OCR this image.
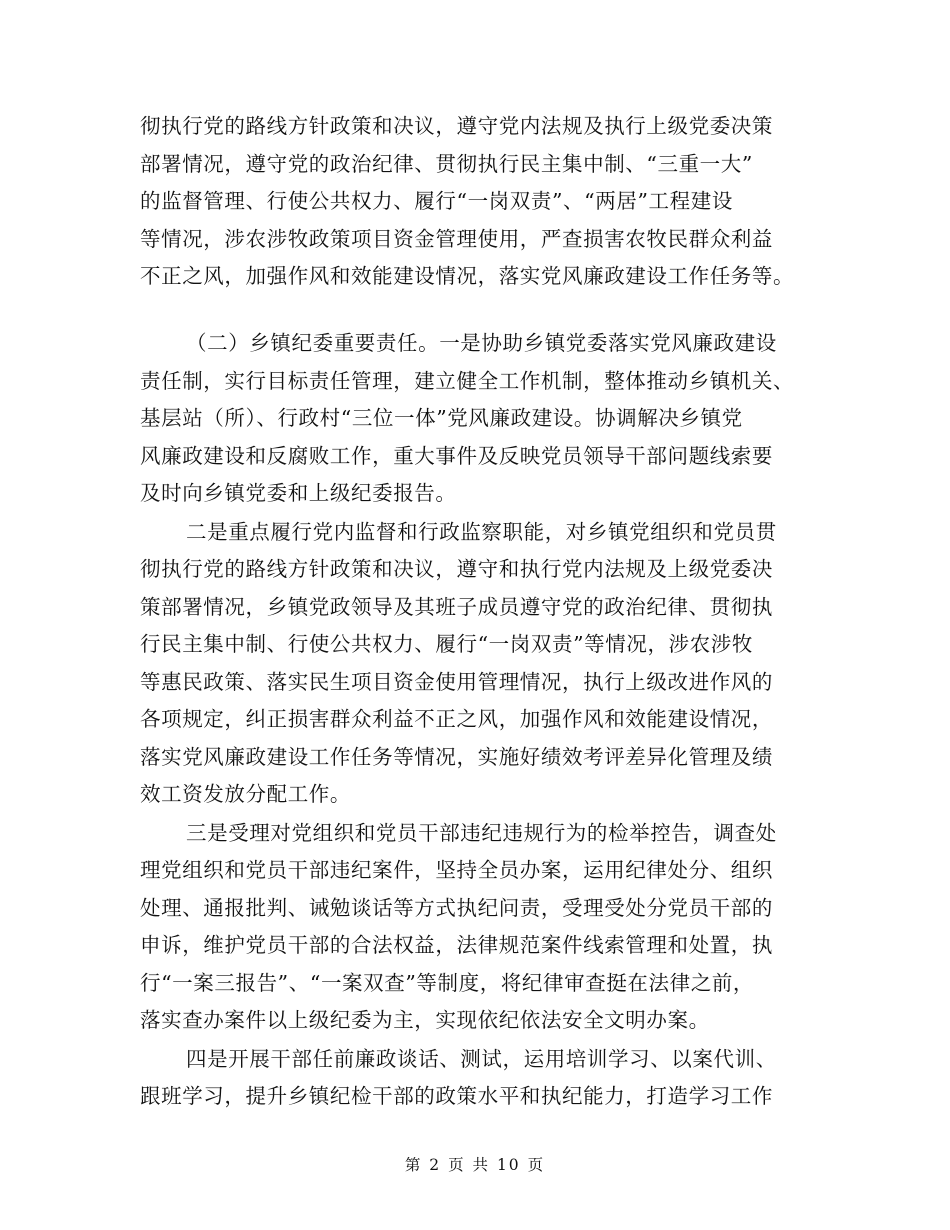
彻执行党的路线方针政策和决议，遵守党内法规及执行上级党委决策
部署情况，遵守党的政治纪律、贯彻执行民主集中制、“三重一大”
的监督管理、行使公共权力、履行“一岗双责”、“两居”工程建设
等情况，涉农涉牧政策项目资金管理使用，严查损害农牧民群众利益
不正之风，加强作风和效能建设情况，落实党风廉政建设工作任务等。
（二）乡镇纪委重要责任。一是协助乡镇党委落实党风廉政建设
责任制，实行目标责任管理，建立健全工作机制，整体推动乡镇机关、
基层站（所）、行政村“三位一体”党风廉政建设。协调解决乡镇党
风廉政建设和反腐败工作，重大事件及反映党员领导干部问题线索要
及时向乡镇党委和上级纪委报告。
二是重点履行党内监督和行政监察职能，对乡镇党组织和党员贯
彻执行党的路线方针政策和决议，遵守和执行党内法规及上级党委决
策部署情况，乡镇党政领导及其班子成员遵守党的政治纪律、贯彻执
行民主集中制、行使公共权力、履行“一岗双责”等情况，涉农涉牧
等惠民政策、落实民生项目资金使用管理情况，执行上级改进作风的
各项规定，纠正损害群众利益不正之风，加强作风和效能建设情况，
落实党风廉政建设工作任务等情况，实施好绩效考评差异化管理及绩
效工资发放分配工作。
三是受理对党组织和党员干部违纪违规行为的检举控告，调查处
理党组织和党员干部违纪案件，坚持全员办案，运用纪律处分、组织
处理、通报批判、诫勉谈话等方式执纪问责，受理受处分党员干部的
申诉，维护党员干部的合法权益，法律规范案件线索管理和处置，执
行“一案三报告”、“一案双查”等制度，将纪律审查挺在法律之前，
落实查办案件以上级纪委为主，实现依纪依法安全文明办案。
四是开展干部任前廉政谈话、测试，运用培训学习、以案代训、
跟班学习，提升乡镇纪检干部的政策水平和执纪能力，打造学习工作
第 2 页 共 10 页
